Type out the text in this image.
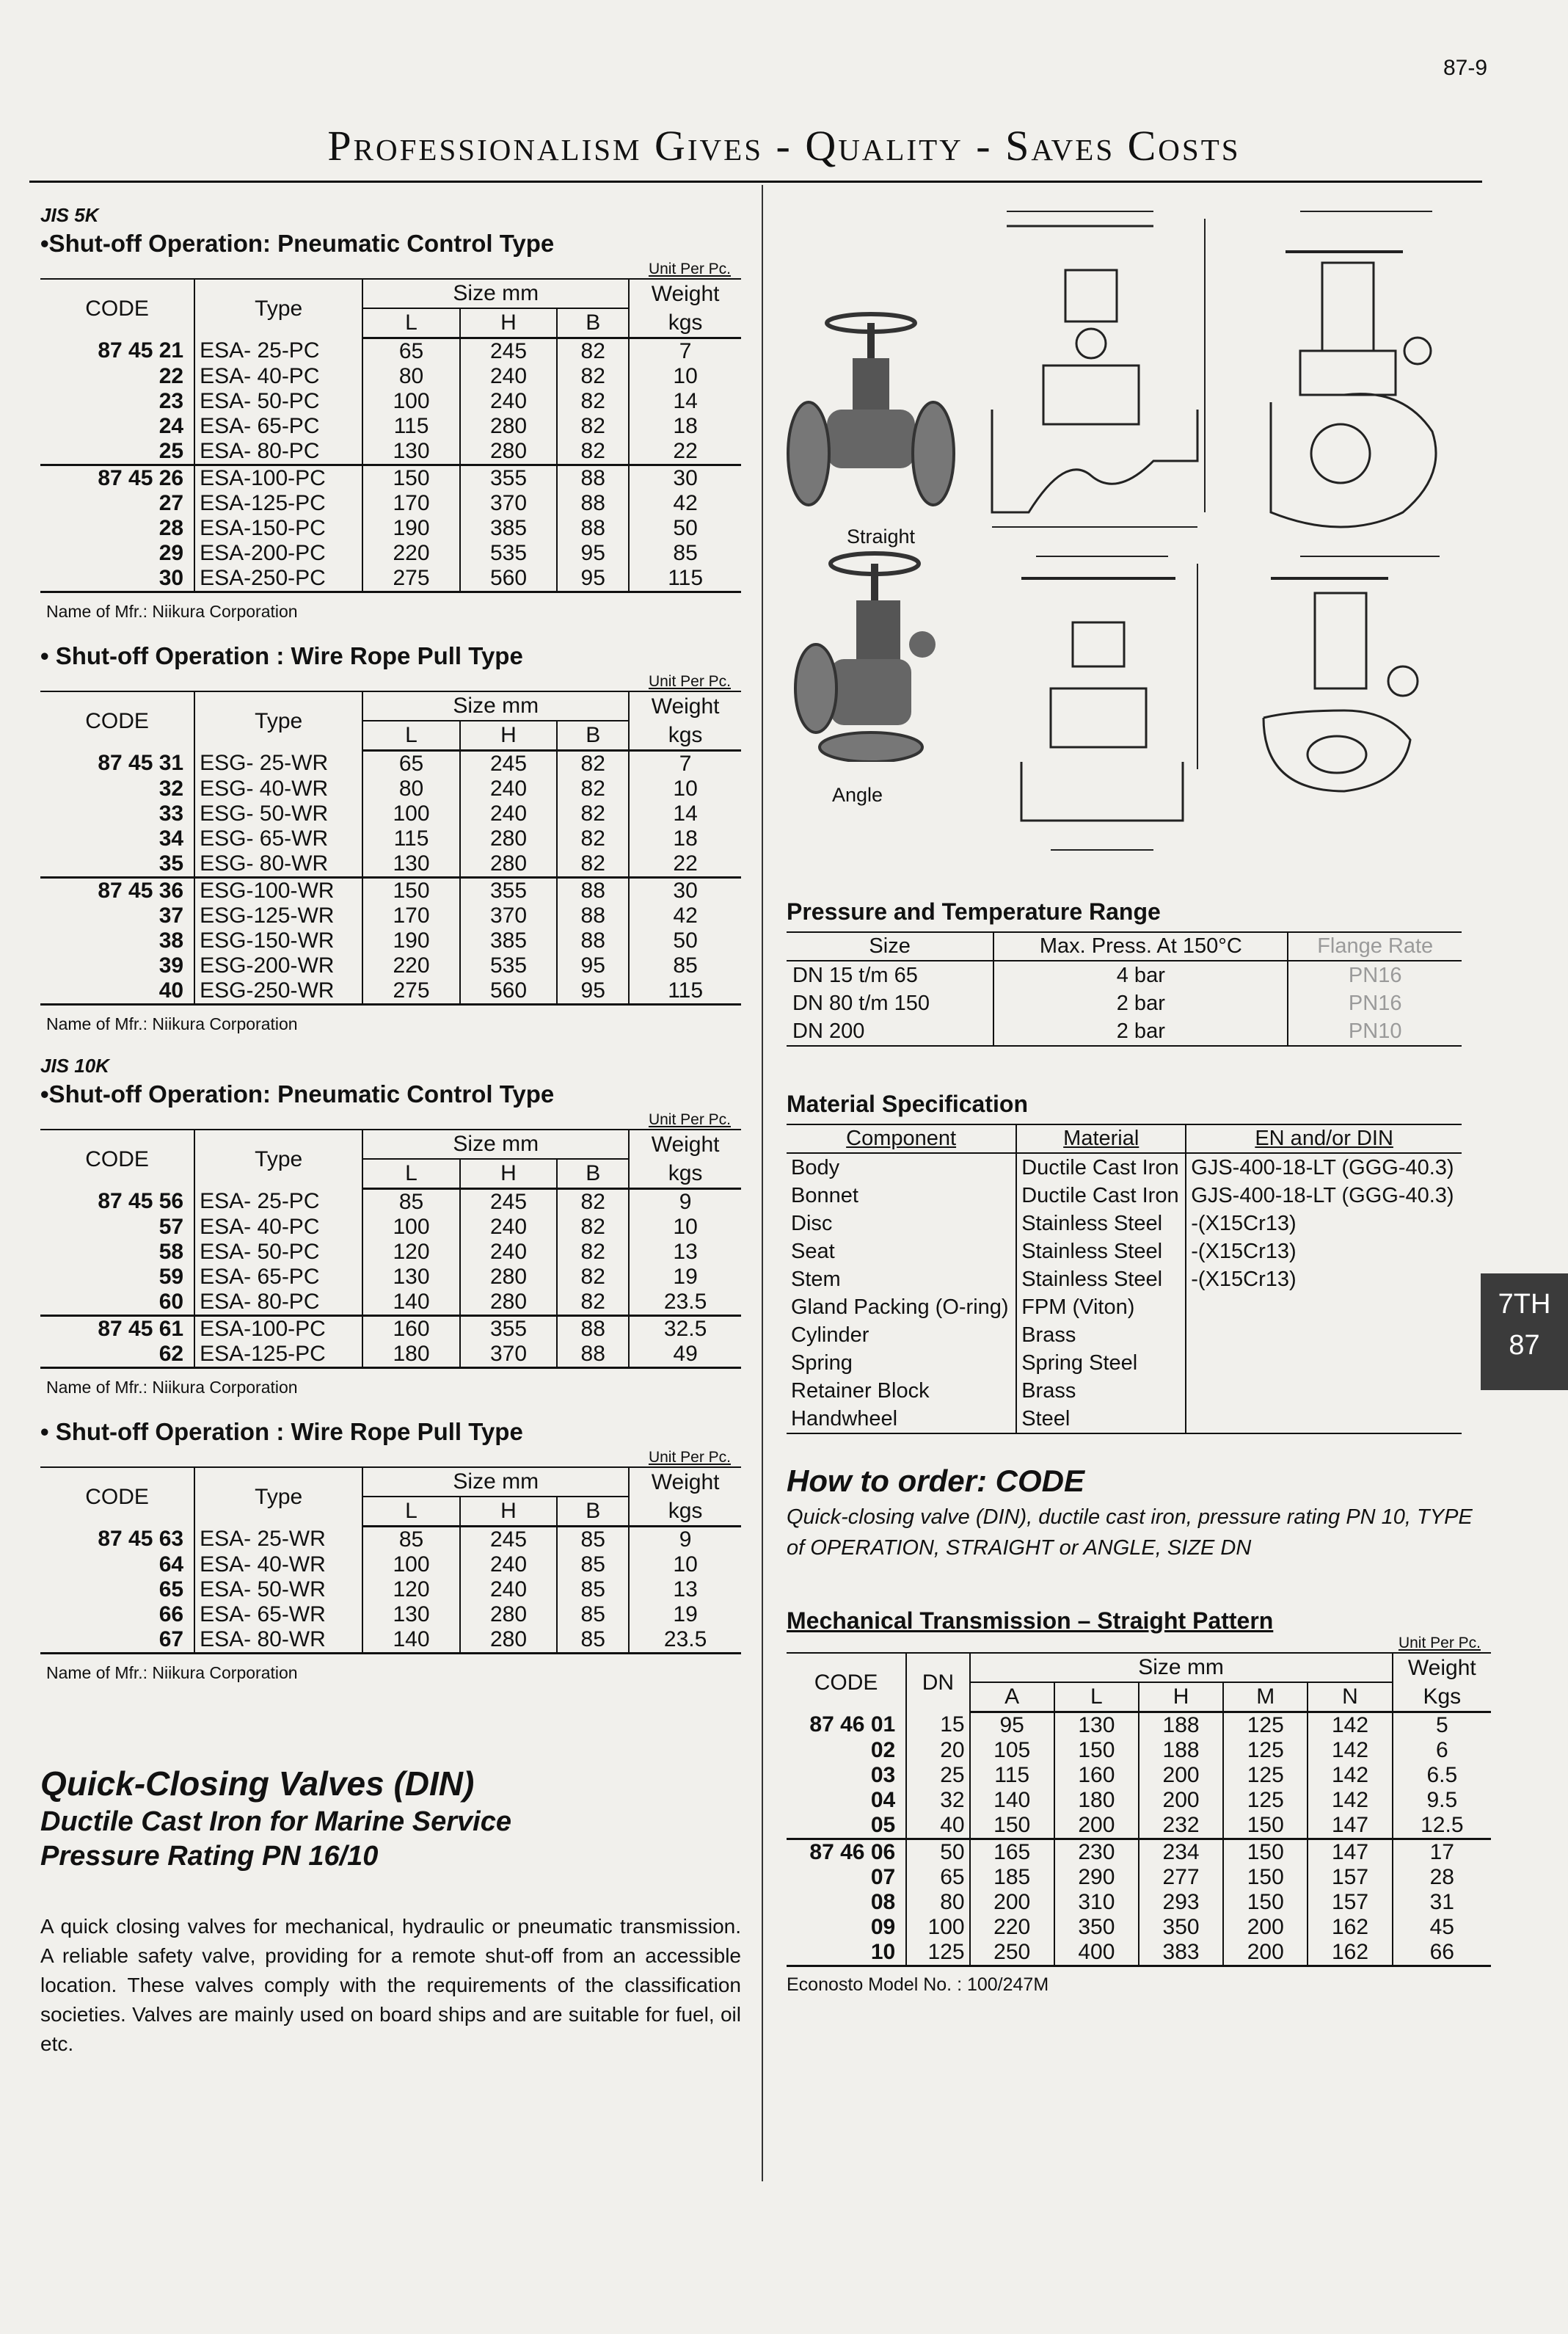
87-9
Professionalism Gives - Quality - Saves Costs
JIS 5K
•Shut-off Operation: Pneumatic Control Type
Unit Per Pc.
CODE	Type	Size mm			Weight
		L	H	B	kgs
87 45 21	ESA- 25-PC	65	245	82	7
22	ESA- 40-PC	80	240	82	10
23	ESA- 50-PC	100	240	82	14
24	ESA- 65-PC	115	280	82	18
25	ESA- 80-PC	130	280	82	22
87 45 26	ESA-100-PC	150	355	88	30
27	ESA-125-PC	170	370	88	42
28	ESA-150-PC	190	385	88	50
29	ESA-200-PC	220	535	95	85
30	ESA-250-PC	275	560	95	115
Name of Mfr.: Niikura Corporation
• Shut-off Operation : Wire Rope Pull Type
Unit Per Pc.
CODE	Type	Size mm			Weight
		L	H	B	kgs
87 45 31	ESG- 25-WR	65	245	82	7
32	ESG- 40-WR	80	240	82	10
33	ESG- 50-WR	100	240	82	14
34	ESG- 65-WR	115	280	82	18
35	ESG- 80-WR	130	280	82	22
87 45 36	ESG-100-WR	150	355	88	30
37	ESG-125-WR	170	370	88	42
38	ESG-150-WR	190	385	88	50
39	ESG-200-WR	220	535	95	85
40	ESG-250-WR	275	560	95	115
Name of Mfr.: Niikura Corporation
JIS 10K
•Shut-off Operation: Pneumatic Control Type
Unit Per Pc.
CODE	Type	Size mm			Weight
		L	H	B	kgs
87 45 56	ESA- 25-PC	85	245	82	9
57	ESA- 40-PC	100	240	82	10
58	ESA- 50-PC	120	240	82	13
59	ESA- 65-PC	130	280	82	19
60	ESA- 80-PC	140	280	82	23.5
87 45 61	ESA-100-PC	160	355	88	32.5
62	ESA-125-PC	180	370	88	49
Name of Mfr.: Niikura Corporation
• Shut-off Operation : Wire Rope Pull Type
Unit Per Pc.
CODE	Type	Size mm			Weight
		L	H	B	kgs
87 45 63	ESA- 25-WR	85	245	85	9
64	ESA- 40-WR	100	240	85	10
65	ESA- 50-WR	120	240	85	13
66	ESA- 65-WR	130	280	85	19
67	ESA- 80-WR	140	280	85	23.5
Name of Mfr.: Niikura Corporation
Quick-Closing Valves (DIN)
Ductile Cast Iron for Marine Service
Pressure Rating PN 16/10
A quick closing valves for mechanical, hydraulic or pneumatic transmission. A reliable safety valve, providing for a remote shut-off from an accessible location. These valves comply with the requirements of the classification societies. Valves are mainly used on board ships and are suitable for fuel, oil etc.
Straight
Angle
Pressure and Temperature Range
Size	Max. Press. At 150°C	Flange Rate
DN 15 t/m 65	4 bar	PN16
DN 80 t/m 150	2 bar	PN16
DN 200	2 bar	PN10
Material Specification
Component	Material	EN and/or DIN
Body	Ductile Cast Iron	GJS-400-18-LT (GGG-40.3)
Bonnet	Ductile Cast Iron	GJS-400-18-LT (GGG-40.3)
Disc	Stainless Steel	-(X15Cr13)
Seat	Stainless Steel	-(X15Cr13)
Stem	Stainless Steel	-(X15Cr13)
Gland Packing (O-ring)	FPM (Viton)	
Cylinder	Brass	
Spring	Spring Steel	
Retainer Block	Brass	
Handwheel	Steel	
How to order: CODE
Quick-closing valve (DIN), ductile cast iron, pressure rating PN 10, TYPE of OPERATION, STRAIGHT or ANGLE, SIZE DN
Mechanical Transmission – Straight Pattern
Unit Per Pc.
CODE	DN	Size mm					Weight
		A	L	H	M	N	Kgs
87 46 01	15	95	130	188	125	142	5
02	20	105	150	188	125	142	6
03	25	115	160	200	125	142	6.5
04	32	140	180	200	125	142	9.5
05	40	150	200	232	150	147	12.5
87 46 06	50	165	230	234	150	147	17
07	65	185	290	277	150	157	28
08	80	200	310	293	150	157	31
09	100	220	350	350	200	162	45
10	125	250	400	383	200	162	66
Econosto Model No. : 100/247M
7TH
87
